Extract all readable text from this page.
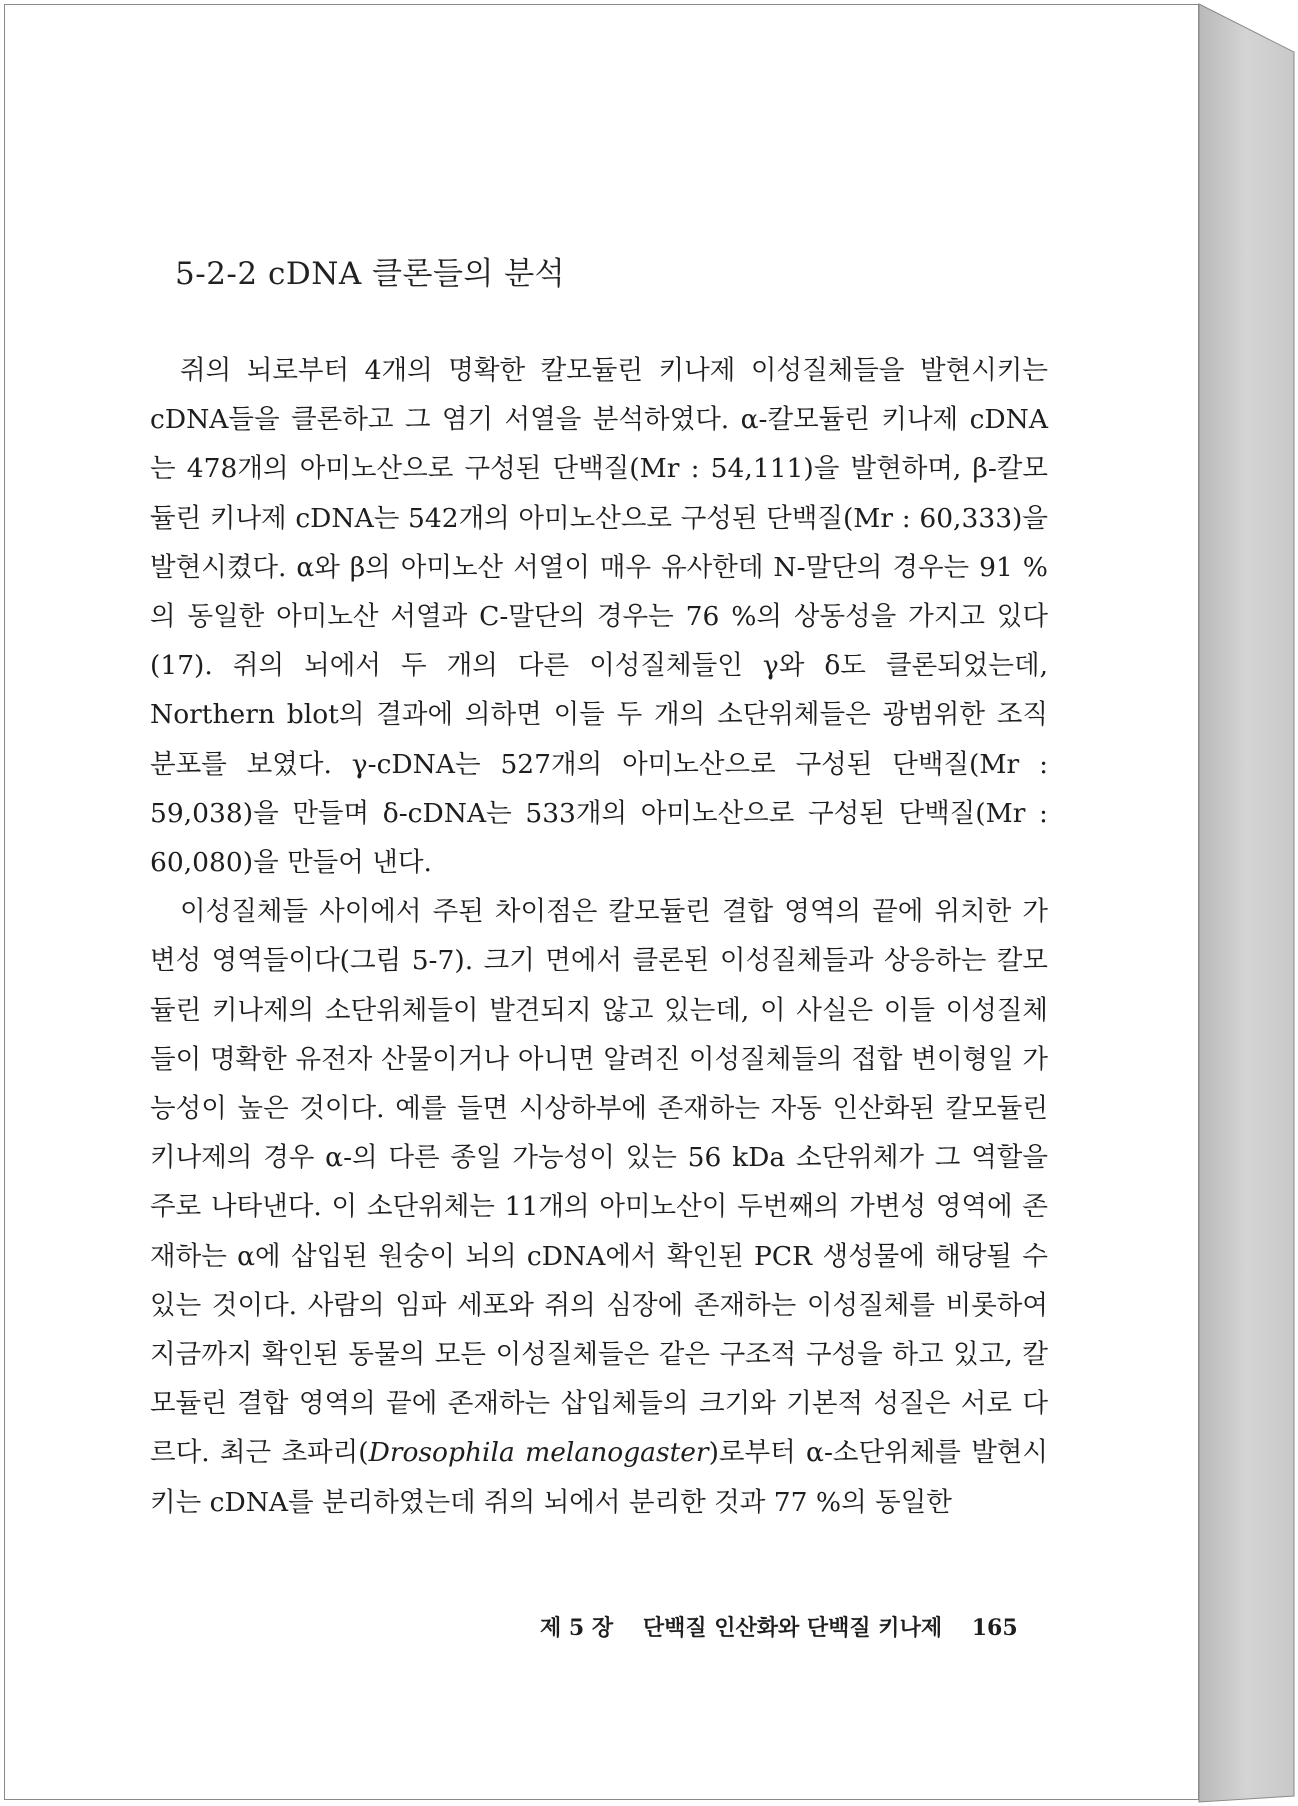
5-2-2 cDNA 클론들의 분석

쥐의 뇌로부터 4개의 명확한 칼모듈린 키나제 이성질체들을 발현시키는 cDNA들을 클론하고 그 염기 서열을 분석하였다. α-칼모듈린 키나제 cDNA는 478개의 아미노산으로 구성된 단백질(Mr : 54,111)을 발현하며, β-칼모듈린 키나제 cDNA는 542개의 아미노산으로 구성된 단백질(Mr : 60,333)을 발현시켰다. α와 β의 아미노산 서열이 매우 유사한데 N-말단의 경우는 91 %의 동일한 아미노산 서열과 C-말단의 경우는 76 %의 상동성을 가지고 있다(17). 쥐의 뇌에서 두 개의 다른 이성질체들인 γ와 δ도 클론되었는데, Northern blot의 결과에 의하면 이들 두 개의 소단위체들은 광범위한 조직 분포를 보였다. γ-cDNA는 527개의 아미노산으로 구성된 단백질(Mr : 59,038)을 만들며 δ-cDNA는 533개의 아미노산으로 구성된 단백질(Mr : 60,080)을 만들어 낸다.

이성질체들 사이에서 주된 차이점은 칼모듈린 결합 영역의 끝에 위치한 가변성 영역들이다(그림 5-7). 크기 면에서 클론된 이성질체들과 상응하는 칼모듈린 키나제의 소단위체들이 발견되지 않고 있는데, 이 사실은 이들 이성질체들이 명확한 유전자 산물이거나 아니면 알려진 이성질체들의 접합 변이형일 가능성이 높은 것이다. 예를 들면 시상하부에 존재하는 자동 인산화된 칼모듈린 키나제의 경우 α-의 다른 종일 가능성이 있는 56 kDa 소단위체가 그 역할을 주로 나타낸다. 이 소단위체는 11개의 아미노산이 두번째의 가변성 영역에 존재하는 α에 삽입된 원숭이 뇌의 cDNA에서 확인된 PCR 생성물에 해당될 수 있는 것이다. 사람의 임파 세포와 쥐의 심장에 존재하는 이성질체를 비롯하여 지금까지 확인된 동물의 모든 이성질체들은 같은 구조적 구성을 하고 있고, 칼모듈린 결합 영역의 끝에 존재하는 삽입체들의 크기와 기본적 성질은 서로 다르다. 최근 초파리(Drosophila melanogaster)로부터 α-소단위체를 발현시키는 cDNA를 분리하였는데 쥐의 뇌에서 분리한 것과 77 %의 동일한

제 5 장 단백질 인산화와 단백질 키나제 165
